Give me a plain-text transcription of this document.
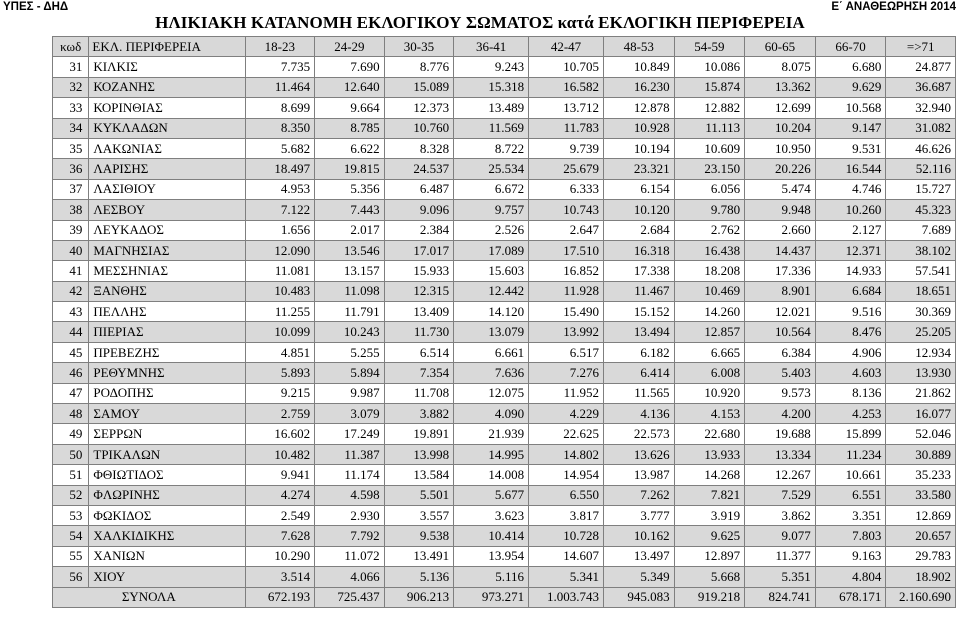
ΥΠΕΣ - ΔΗΔ	Ε΄ ΑΝΑΘΕΩΡΗΣΗ 2014
ΗΛΙΚΙΑΚΗ ΚΑΤΑΝΟΜΗ ΕΚΛΟΓΙΚΟΥ ΣΩΜΑΤΟΣ κατά ΕΚΛΟΓΙΚΗ ΠΕΡΙΦΕΡΕΙΑ
κωδ	ΕΚΛ. ΠΕΡΙΦΕΡΕΙΑ	18-23	24-29	30-35	36-41	42-47	48-53	54-59	60-65	66-70	=>71
31	ΚΙΛΚΙΣ	7.735	7.690	8.776	9.243	10.705	10.849	10.086	8.075	6.680	24.877
32	ΚΟΖΑΝΗΣ	11.464	12.640	15.089	15.318	16.582	16.230	15.874	13.362	9.629	36.687
33	ΚΟΡΙΝΘΙΑΣ	8.699	9.664	12.373	13.489	13.712	12.878	12.882	12.699	10.568	32.940
34	ΚΥΚΛΑΔΩΝ	8.350	8.785	10.760	11.569	11.783	10.928	11.113	10.204	9.147	31.082
35	ΛΑΚΩΝΙΑΣ	5.682	6.622	8.328	8.722	9.739	10.194	10.609	10.950	9.531	46.626
36	ΛΑΡΙΣΗΣ	18.497	19.815	24.537	25.534	25.679	23.321	23.150	20.226	16.544	52.116
37	ΛΑΣΙΘΙΟΥ	4.953	5.356	6.487	6.672	6.333	6.154	6.056	5.474	4.746	15.727
38	ΛΕΣΒΟΥ	7.122	7.443	9.096	9.757	10.743	10.120	9.780	9.948	10.260	45.323
39	ΛΕΥΚΑΔΟΣ	1.656	2.017	2.384	2.526	2.647	2.684	2.762	2.660	2.127	7.689
40	ΜΑΓΝΗΣΙΑΣ	12.090	13.546	17.017	17.089	17.510	16.318	16.438	14.437	12.371	38.102
41	ΜΕΣΣΗΝΙΑΣ	11.081	13.157	15.933	15.603	16.852	17.338	18.208	17.336	14.933	57.541
42	ΞΑΝΘΗΣ	10.483	11.098	12.315	12.442	11.928	11.467	10.469	8.901	6.684	18.651
43	ΠΕΛΛΗΣ	11.255	11.791	13.409	14.120	15.490	15.152	14.260	12.021	9.516	30.369
44	ΠΙΕΡΙΑΣ	10.099	10.243	11.730	13.079	13.992	13.494	12.857	10.564	8.476	25.205
45	ΠΡΕΒΕΖΗΣ	4.851	5.255	6.514	6.661	6.517	6.182	6.665	6.384	4.906	12.934
46	ΡΕΘΥΜΝΗΣ	5.893	5.894	7.354	7.636	7.276	6.414	6.008	5.403	4.603	13.930
47	ΡΟΔΟΠΗΣ	9.215	9.987	11.708	12.075	11.952	11.565	10.920	9.573	8.136	21.862
48	ΣΑΜΟΥ	2.759	3.079	3.882	4.090	4.229	4.136	4.153	4.200	4.253	16.077
49	ΣΕΡΡΩΝ	16.602	17.249	19.891	21.939	22.625	22.573	22.680	19.688	15.899	52.046
50	ΤΡΙΚΑΛΩΝ	10.482	11.387	13.998	14.995	14.802	13.626	13.933	13.334	11.234	30.889
51	ΦΘΙΩΤΙΔΟΣ	9.941	11.174	13.584	14.008	14.954	13.987	14.268	12.267	10.661	35.233
52	ΦΛΩΡΙΝΗΣ	4.274	4.598	5.501	5.677	6.550	7.262	7.821	7.529	6.551	33.580
53	ΦΩΚΙΔΟΣ	2.549	2.930	3.557	3.623	3.817	3.777	3.919	3.862	3.351	12.869
54	ΧΑΛΚΙΔΙΚΗΣ	7.628	7.792	9.538	10.414	10.728	10.162	9.625	9.077	7.803	20.657
55	ΧΑΝΙΩΝ	10.290	11.072	13.491	13.954	14.607	13.497	12.897	11.377	9.163	29.783
56	ΧΙΟΥ	3.514	4.066	5.136	5.116	5.341	5.349	5.668	5.351	4.804	18.902
ΣΥΝΟΛΑ		672.193	725.437	906.213	973.271	1.003.743	945.083	919.218	824.741	678.171	2.160.690
